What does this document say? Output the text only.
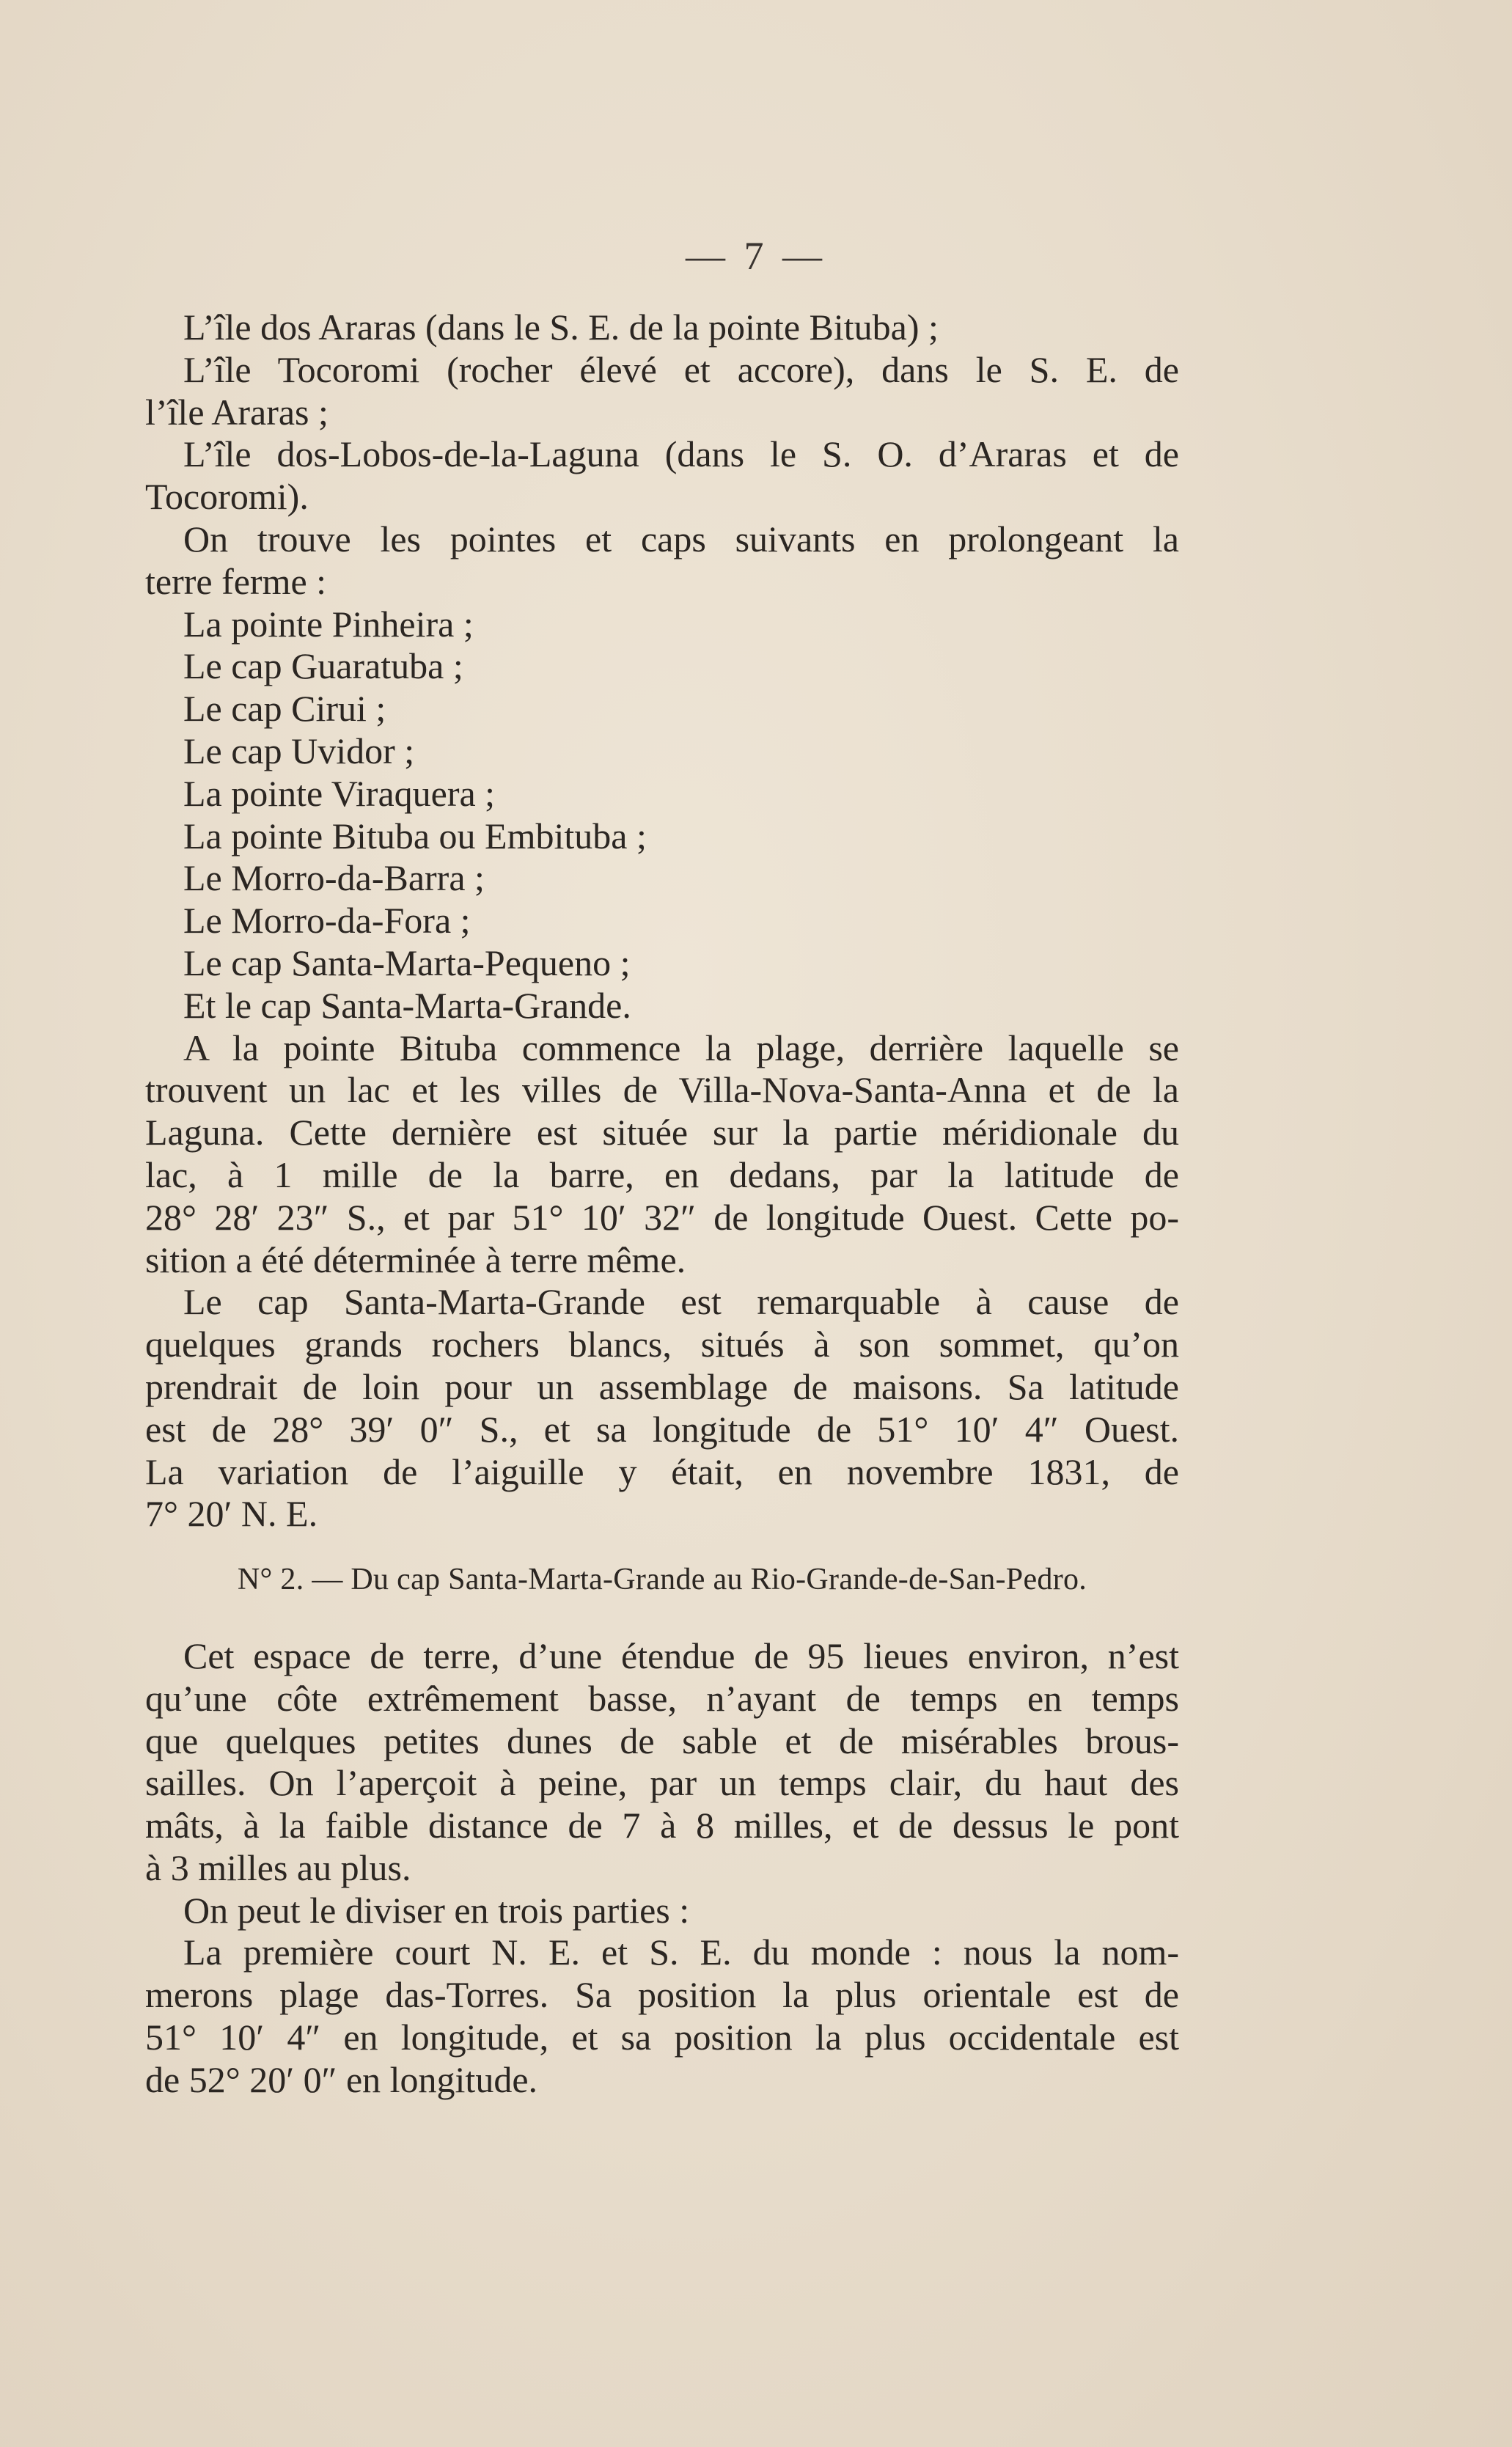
— 7 —
L’île dos Araras (dans le S. E. de la pointe Bituba) ;
L’île Tocoromi (rocher élevé et accore), dans le S. E. de
l’île Araras ;
L’île dos-Lobos-de-la-Laguna (dans le S. O. d’Araras et de
Tocoromi).
On trouve les pointes et caps suivants en prolongeant la
terre ferme :
La pointe Pinheira ;
Le cap Guaratuba ;
Le cap Cirui ;
Le cap Uvidor ;
La pointe Viraquera ;
La pointe Bituba ou Embituba ;
Le Morro-da-Barra ;
Le Morro-da-Fora ;
Le cap Santa-Marta-Pequeno ;
Et le cap Santa-Marta-Grande.
A la pointe Bituba commence la plage, derrière laquelle se
trouvent un lac et les villes de Villa-Nova-Santa-Anna et de la
Laguna. Cette dernière est située sur la partie méridionale du
lac, à 1 mille de la barre, en dedans, par la latitude de
28° 28′ 23″ S., et par 51° 10′ 32″ de longitude Ouest. Cette po-
sition a été déterminée à terre même.
Le cap Santa-Marta-Grande est remarquable à cause de
quelques grands rochers blancs, situés à son sommet, qu’on
prendrait de loin pour un assemblage de maisons. Sa latitude
est de 28° 39′ 0″ S., et sa longitude de 51° 10′ 4″ Ouest.
La variation de l’aiguille y était, en novembre 1831, de
7° 20′ N. E.
N° 2. — Du cap Santa-Marta-Grande au Rio-Grande-de-San-Pedro.
Cet espace de terre, d’une étendue de 95 lieues environ, n’est
qu’une côte extrêmement basse, n’ayant de temps en temps
que quelques petites dunes de sable et de misérables brous-
sailles. On l’aperçoit à peine, par un temps clair, du haut des
mâts, à la faible distance de 7 à 8 milles, et de dessus le pont
à 3 milles au plus.
On peut le diviser en trois parties :
La première court N. E. et S. E. du monde : nous la nom-
merons plage das-Torres. Sa position la plus orientale est de
51° 10′ 4″ en longitude, et sa position la plus occidentale est
de 52° 20′ 0″ en longitude.
